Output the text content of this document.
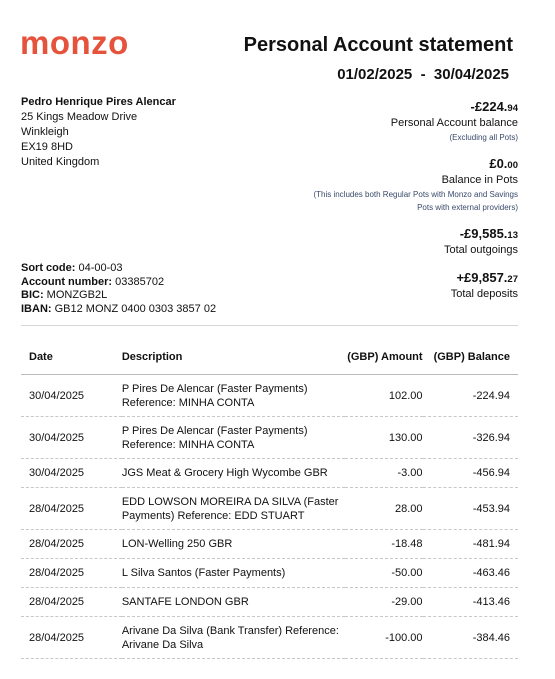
monzo	Personal Account statement
01/02/2025  -  30/04/2025
Pedro Henrique Pires Alencar
25 Kings Meadow Drive
Winkleigh
EX19 8HD
United Kingdom
Sort code: 04-00-03
Account number: 03385702
BIC: MONZGB2L
IBAN: GB12 MONZ 0400 0303 3857 02
-£224.94
Personal Account balance
(Excluding all Pots)
£0.00
Balance in Pots
(This includes both Regular Pots with Monzo and Savings
Pots with external providers)
-£9,585.13
Total outgoings
+£9,857.27
Total deposits
Date	Description	(GBP) Amount	(GBP) Balance
30/04/2025	P Pires De Alencar (Faster Payments)
Reference: MINHA CONTA	102.00	-224.94
30/04/2025	P Pires De Alencar (Faster Payments)
Reference: MINHA CONTA	130.00	-326.94
30/04/2025	JGS Meat & Grocery High Wycombe GBR	-3.00	-456.94
28/04/2025	EDD LOWSON MOREIRA DA SILVA (Faster
Payments) Reference: EDD STUART	28.00	-453.94
28/04/2025	LON-Welling 250 GBR	-18.48	-481.94
28/04/2025	L Silva Santos (Faster Payments)	-50.00	-463.46
28/04/2025	SANTAFE LONDON GBR	-29.00	-413.46
28/04/2025	Arivane Da Silva (Bank Transfer) Reference:
Arivane Da Silva	-100.00	-384.46
